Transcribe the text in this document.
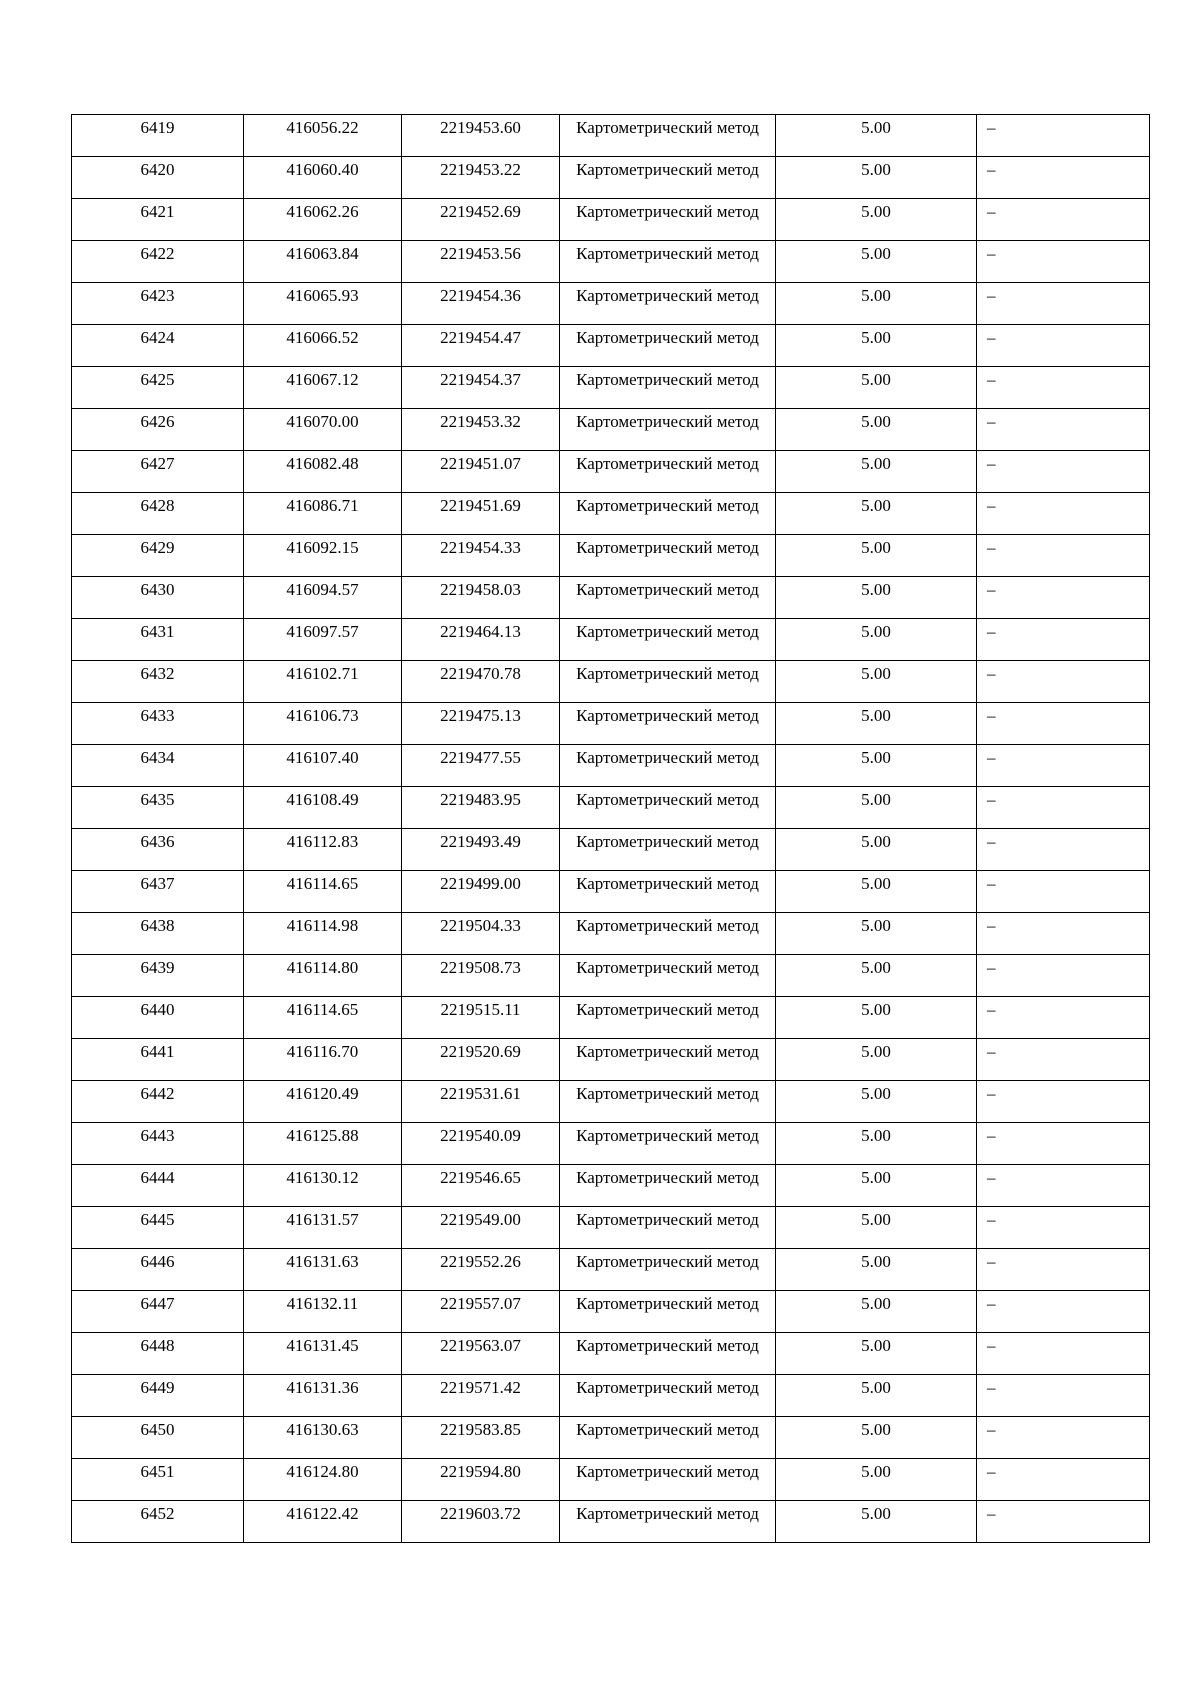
6419	416056.22	2219453.60	Картометрический метод	5.00	–

6420	416060.40	2219453.22	Картометрический метод	5.00	–

6421	416062.26	2219452.69	Картометрический метод	5.00	–

6422	416063.84	2219453.56	Картометрический метод	5.00	–

6423	416065.93	2219454.36	Картометрический метод	5.00	–

6424	416066.52	2219454.47	Картометрический метод	5.00	–

6425	416067.12	2219454.37	Картометрический метод	5.00	–

6426	416070.00	2219453.32	Картометрический метод	5.00	–

6427	416082.48	2219451.07	Картометрический метод	5.00	–

6428	416086.71	2219451.69	Картометрический метод	5.00	–

6429	416092.15	2219454.33	Картометрический метод	5.00	–

6430	416094.57	2219458.03	Картометрический метод	5.00	–

6431	416097.57	2219464.13	Картометрический метод	5.00	–

6432	416102.71	2219470.78	Картометрический метод	5.00	–

6433	416106.73	2219475.13	Картометрический метод	5.00	–

6434	416107.40	2219477.55	Картометрический метод	5.00	–

6435	416108.49	2219483.95	Картометрический метод	5.00	–

6436	416112.83	2219493.49	Картометрический метод	5.00	–

6437	416114.65	2219499.00	Картометрический метод	5.00	–

6438	416114.98	2219504.33	Картометрический метод	5.00	–

6439	416114.80	2219508.73	Картометрический метод	5.00	–

6440	416114.65	2219515.11	Картометрический метод	5.00	–

6441	416116.70	2219520.69	Картометрический метод	5.00	–

6442	416120.49	2219531.61	Картометрический метод	5.00	–

6443	416125.88	2219540.09	Картометрический метод	5.00	–

6444	416130.12	2219546.65	Картометрический метод	5.00	–

6445	416131.57	2219549.00	Картометрический метод	5.00	–

6446	416131.63	2219552.26	Картометрический метод	5.00	–

6447	416132.11	2219557.07	Картометрический метод	5.00	–

6448	416131.45	2219563.07	Картометрический метод	5.00	–

6449	416131.36	2219571.42	Картометрический метод	5.00	–

6450	416130.63	2219583.85	Картометрический метод	5.00	–

6451	416124.80	2219594.80	Картометрический метод	5.00	–

6452	416122.42	2219603.72	Картометрический метод	5.00	–
